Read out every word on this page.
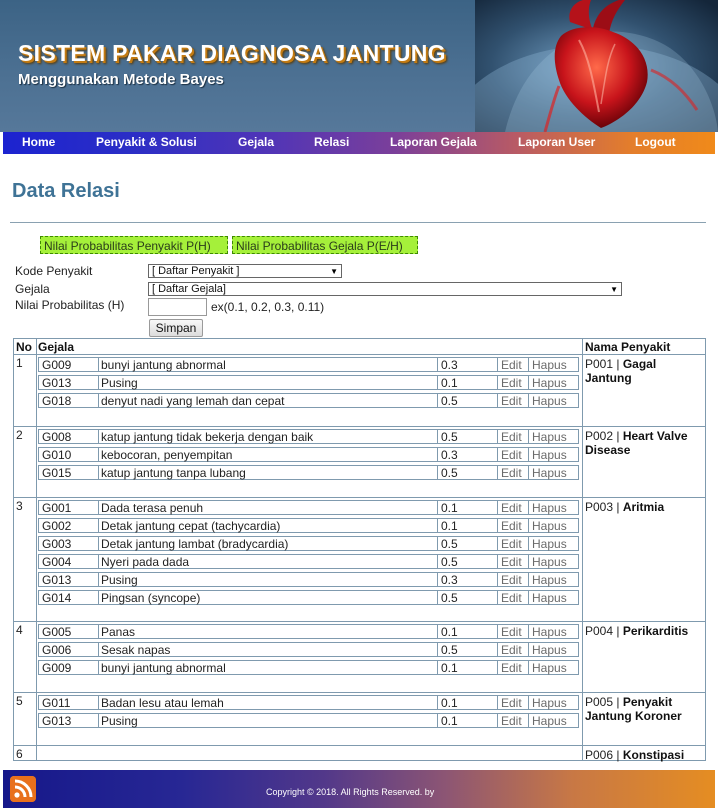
SISTEM PAKAR DIAGNOSA JANTUNG
Menggunakan Metode Bayes
Home	Penyakit & Solusi	Gejala	Relasi	Laporan Gejala	Laporan User	Logout
Data Relasi
Nilai Probabilitas Penyakit P(H)	Nilai Probabilitas Gejala P(E/H)
Kode Penyakit	[ Daftar Penyakit ]	▼
Gejala	[ Daftar Gejala]	▼
Nilai Probabilitas (H)	ex(0.1, 0.2, 0.3, 0.11)
Simpan
No Gejala	Nama Penyakit
1	P001 | Gagal
Jantung
G009 bunyi jantung abnormal	0.3	Edit Hapus
G013 Pusing	0.1	Edit Hapus
G018 denyut nadi yang lemah dan cepat	0.5	Edit Hapus
2	P002 | Heart Valve
Disease
G008 katup jantung tidak bekerja dengan baik	0.5	Edit Hapus
G010 kebocoran, penyempitan	0.3	Edit Hapus
G015 katup jantung tanpa lubang	0.5	Edit Hapus
3	P003 | Aritmia
G001 Dada terasa penuh	0.1	Edit Hapus
G002 Detak jantung cepat (tachycardia)	0.1	Edit Hapus
G003 Detak jantung lambat (bradycardia)	0.5	Edit Hapus
G004 Nyeri pada dada	0.5	Edit Hapus
G013 Pusing	0.3	Edit Hapus
G014 Pingsan (syncope)	0.5	Edit Hapus
4	P004 | Perikarditis
G005 Panas	0.1	Edit Hapus
G006 Sesak napas	0.5	Edit Hapus
G009 bunyi jantung abnormal	0.1	Edit Hapus
5	P005 | Penyakit
Jantung Koroner
G011	Badan lesu atau lemah	0.1	Edit Hapus
G013 Pusing	0.1	Edit Hapus
6	P006 | Konstipasi
Copyright © 2018. All Rights Reserved. by
